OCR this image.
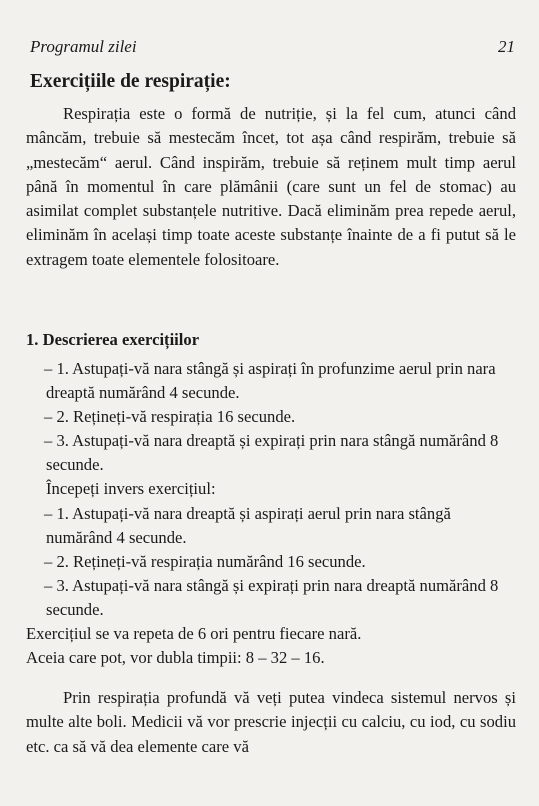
Programul zilei	21
Exercițiile de respirație:

Respirația este o formă de nutriție, și la fel cum, atunci când mâncăm, trebuie să mestecăm încet, tot așa când respirăm, trebuie să „mestecăm“ aerul. Când inspirăm, trebuie să reținem mult timp aerul până în momentul în care plămânii (care sunt un fel de stomac) au asimilat complet substanțele nutritive. Dacă eliminăm prea repede aerul, eliminăm în același timp toate aceste substanțe înainte de a fi putut să le extragem toate elementele folositoare.

1. Descrierea exercițiilor
– 1. Astupați-vă nara stângă și aspirați în profunzime aerul prin nara dreaptă numărând 4 secunde.
– 2. Rețineți-vă respirația 16 secunde.
– 3. Astupați-vă nara dreaptă și expirați prin nara stângă numărând 8 secunde.
Începeți invers exercițiul:
– 1. Astupați-vă nara dreaptă și aspirați aerul prin nara stângă numărând 4 secunde.
– 2. Rețineți-vă respirația numărând 16 secunde.
– 3. Astupați-vă nara stângă și expirați prin nara dreaptă numărând 8 secunde.
Exercițiul se va repeta de 6 ori pentru fiecare nară.
Aceia care pot, vor dubla timpii: 8 – 32 – 16.

Prin respirația profundă vă veți putea vindeca sistemul nervos și multe alte boli. Medicii vă vor prescrie injecții cu calciu, cu iod, cu sodiu etc. ca să vă dea elemente care vă
